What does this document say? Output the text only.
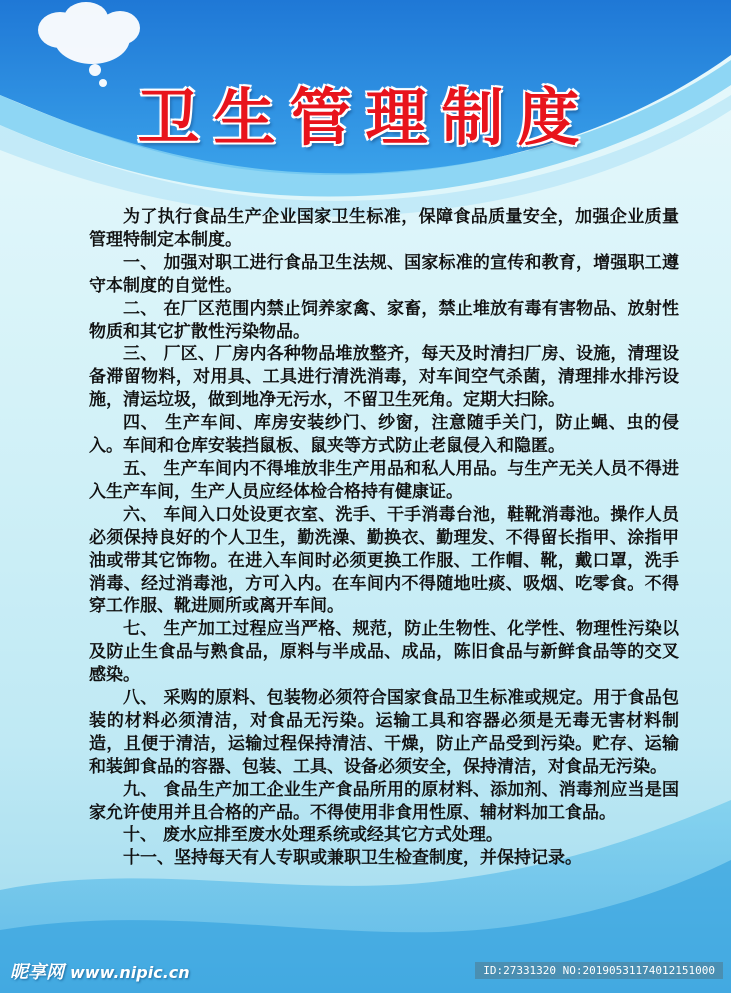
卫生管理制度

为了执行食品生产企业国家卫生标准，保障食品质量安全，加强企业质量管理特制定本制度。

一、 加强对职工进行食品卫生法规、国家标准的宣传和教育，增强职工遵守本制度的自觉性。

二、 在厂区范围内禁止饲养家禽、家畜，禁止堆放有毒有害物品、放射性物质和其它扩散性污染物品。

三、 厂区、厂房内各种物品堆放整齐，每天及时清扫厂房、设施，清理设备滞留物料，对用具、工具进行清洗消毒，对车间空气杀菌，清理排水排污设施，清运垃圾，做到地净无污水，不留卫生死角。定期大扫除。

四、 生产车间、库房安装纱门、纱窗，注意随手关门，防止蝇、虫的侵入。车间和仓库安装挡鼠板、鼠夹等方式防止老鼠侵入和隐匿。

五、 生产车间内不得堆放非生产用品和私人用品。与生产无关人员不得进入生产车间，生产人员应经体检合格持有健康证。

六、 车间入口处设更衣室、洗手、干手消毒台池，鞋靴消毒池。操作人员必须保持良好的个人卫生，勤洗澡、勤换衣、勤理发、不得留长指甲、涂指甲油或带其它饰物。在进入车间时必须更换工作服、工作帽、靴，戴口罩，洗手消毒、经过消毒池，方可入内。在车间内不得随地吐痰、吸烟、吃零食。不得穿工作服、靴进厕所或离开车间。

七、 生产加工过程应当严格、规范，防止生物性、化学性、物理性污染以及防止生食品与熟食品，原料与半成品、成品，陈旧食品与新鲜食品等的交叉感染。

八、 采购的原料、包装物必须符合国家食品卫生标准或规定。用于食品包装的材料必须清洁，对食品无污染。运输工具和容器必须是无毒无害材料制造，且便于清洁，运输过程保持清洁、干燥，防止产品受到污染。贮存、运输和装卸食品的容器、包装、工具、设备必须安全，保持清洁，对食品无污染。

九、 食品生产加工企业生产食品所用的原材料、添加剂、消毒剂应当是国家允许使用并且合格的产品。不得使用非食用性原、辅材料加工食品。

十、 废水应排至废水处理系统或经其它方式处理。

十一、坚持每天有人专职或兼职卫生检查制度，并保持记录。

昵享网 www.nipic.cn	ID:27331320 NO:20190531174012151000
